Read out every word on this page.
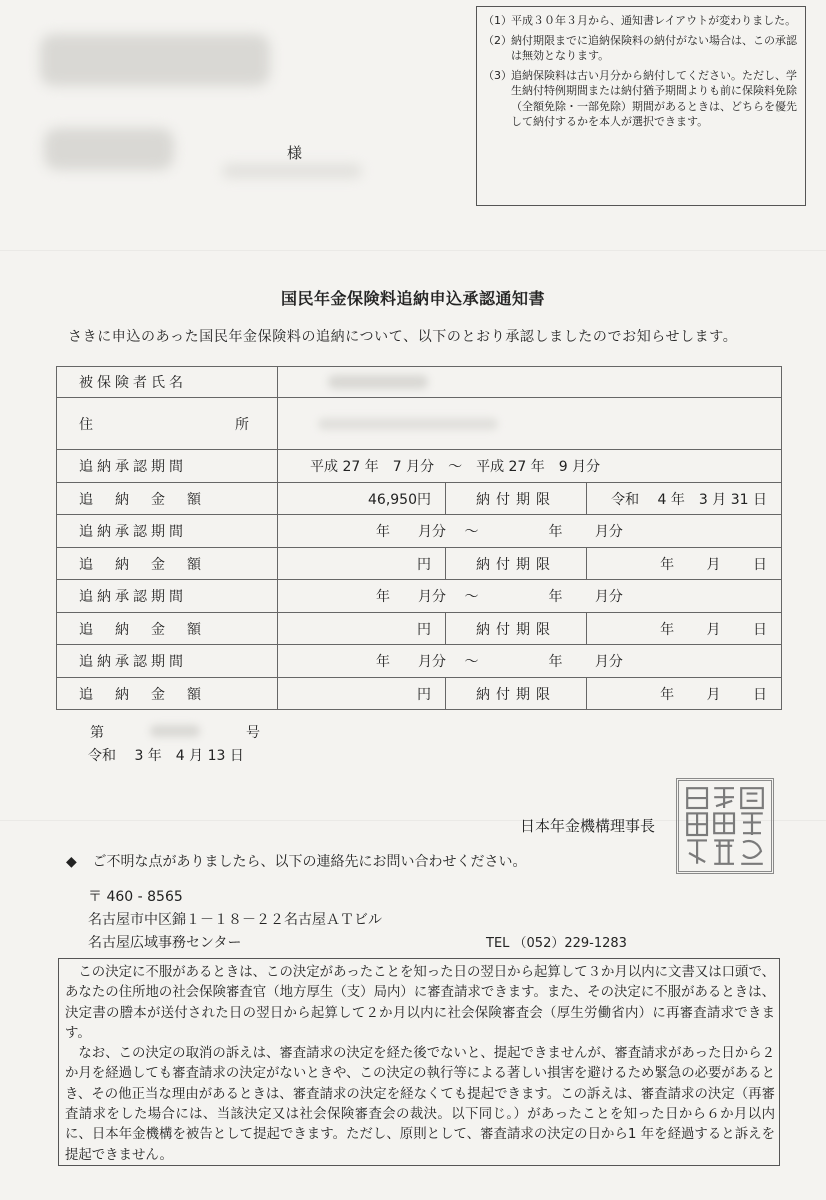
（1） 平成３０年３月から、通知書レイアウトが変わりました。
（2） 納付期限までに追納保険料の納付がない場合は、この承認は無効となります。
（3） 追納保険料は古い月分から納付してください。ただし、学生納付特例期間または納付猶予期間よりも前に保険料免除（全額免除・一部免除）期間があるときは、どちらを優先して納付するかを本人が選択できます。
様
国民年金保険料追納申込承認通知書
さきに申込のあった国民年金保険料の追納について、以下のとおり承認しましたのでお知らせします。
被保険者氏名			

住 所			

追納承認期間	平成 27 年　7 月分　～　平成 27 年　9 月分		
追　納　金　額	46,950円	納付期限	令和　 4 年　3 月 31 日
追納承認期間	年　　月分　 ～　　　　　年　　 月分		
追　納　金　額	円	納付期限	年　　 月　　 日
追納承認期間	年　　月分　 ～　　　　　年　　 月分		
追　納　金　額	円	納付期限	年　　 月　　 日
追納承認期間	年　　月分　 ～　　　　　年　　 月分		
追　納　金　額	円	納付期限	年　　 月　　 日
第	号
令和　 3 年　4 月 13 日
日本年金機構理事長
◆ ご不明な点がありましたら、以下の連絡先にお問い合わせください。
〒 460 - 8565
名古屋市中区錦１－１８－２２名古屋ＡＴビル
名古屋広域事務センター	TEL （052）229-1283

この決定に不服があるときは、この決定があったことを知った日の翌日から起算して３か月以内に文書又は口頭で、あなたの住所地の社会保険審査官（地方厚生（支）局内）に審査請求できます。また、その決定に不服があるときは、決定書の謄本が送付された日の翌日から起算して２か月以内に社会保険審査会（厚生労働省内）に再審査請求できます。

なお、この決定の取消の訴えは、審査請求の決定を経た後でないと、提起できませんが、審査請求があった日から２か月を経過しても審査請求の決定がないときや、この決定の執行等による著しい損害を避けるため緊急の必要があるとき、その他正当な理由があるときは、審査請求の決定を経なくても提起できます。この訴えは、審査請求の決定（再審査請求をした場合には、当該決定又は社会保険審査会の裁決。以下同じ。）があったことを知った日から６か月以内に、日本年金機構を被告として提起できます。ただし、原則として、審査請求の決定の日から1 年を経過すると訴えを提起できません。
